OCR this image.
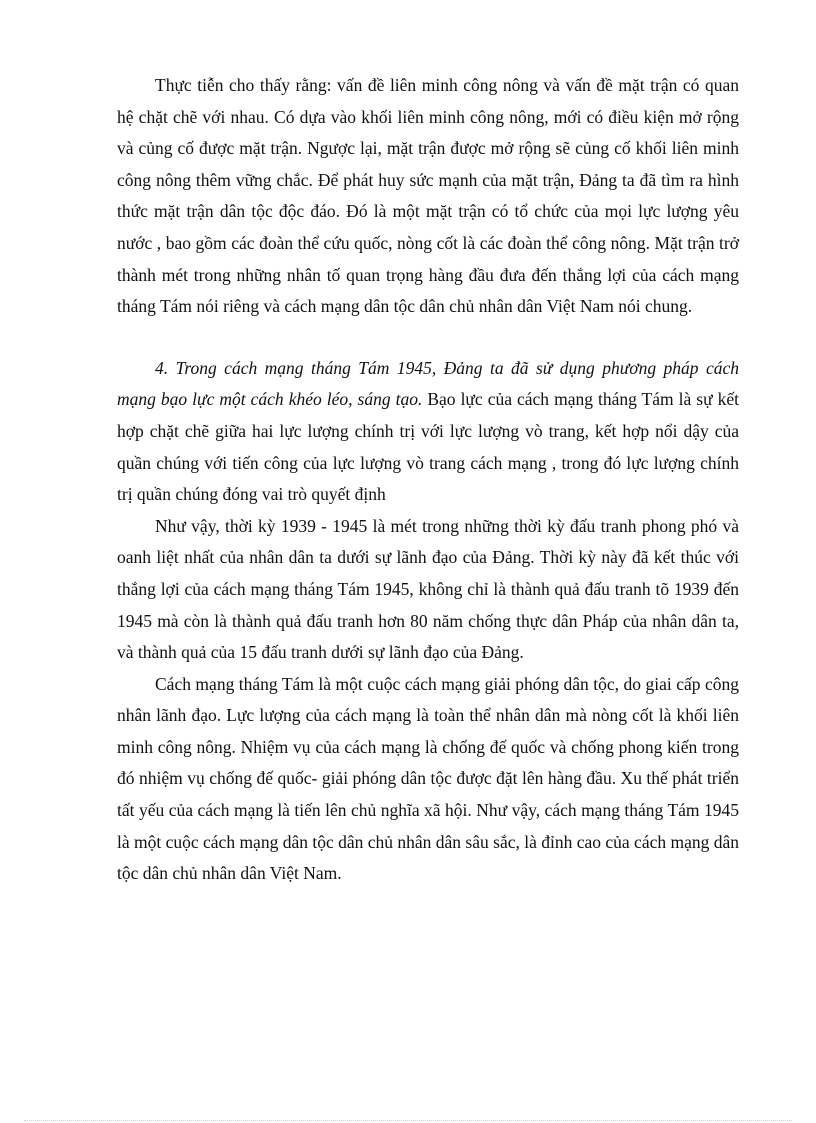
Thực tiễn cho thấy rằng: vấn đề liên minh công nông và vấn đề mặt trận có quan hệ chặt chẽ với nhau. Có dựa vào khối liên minh công nông, mới có điều kiện mở rộng và củng cố được mặt trận. Ngược lại, mặt trận được mở rộng sẽ củng cố khối liên minh công nông thêm vững chắc. Để phát huy sức mạnh của mặt trận, Đảng ta đã tìm ra hình thức mặt trận dân tộc độc đáo. Đó là một mặt trận có tổ chức của mọi lực lượng yêu nước , bao gồm các đoàn thể cứu quốc, nòng cốt là các đoàn thể công nông. Mặt trận trở thành mét trong những nhân tố quan trọng hàng đầu đưa đến thắng lợi của cách mạng tháng Tám nói riêng và cách mạng dân tộc dân chủ nhân dân Việt Nam nói chung.

4. Trong cách mạng tháng Tám 1945, Đảng ta đã sử dụng phương pháp cách mạng bạo lực một cách khéo léo, sáng tạo. Bạo lực của cách mạng tháng Tám là sự kết hợp chặt chẽ giữa hai lực lượng chính trị với lực lượng vò trang, kết hợp nổi dậy của quần chúng với tiến công của lực lượng vò trang cách mạng , trong đó lực lượng chính trị quần chúng đóng vai trò quyết định

Như vậy, thời kỳ 1939 - 1945 là mét trong những thời kỳ đấu tranh phong phó và oanh liệt nhất của nhân dân ta dưới sự lãnh đạo của Đảng. Thời kỳ này đã kết thúc với thắng lợi của cách mạng tháng Tám 1945, không chỉ là thành quả đấu tranh tõ 1939 đến 1945 mà còn là thành quả đấu tranh hơn 80 năm chống thực dân Pháp của nhân dân ta, và thành quả của 15 đấu tranh dưới sự lãnh đạo của Đảng.

Cách mạng tháng Tám là một cuộc cách mạng giải phóng dân tộc, do giai cấp công nhân lãnh đạo. Lực lượng của cách mạng là toàn thể nhân dân mà nòng cốt là khối liên minh công nông. Nhiệm vụ của cách mạng là chống đế quốc và chống phong kiến trong đó nhiệm vụ chống đế quốc- giải phóng dân tộc được đặt lên hàng đầu. Xu thế phát triển tất yếu của cách mạng là tiến lên chủ nghĩa xã hội. Như vậy, cách mạng tháng Tám 1945 là một cuộc cách mạng dân tộc dân chủ nhân dân sâu sắc, là đỉnh cao của cách mạng dân tộc dân chủ nhân dân Việt Nam.
